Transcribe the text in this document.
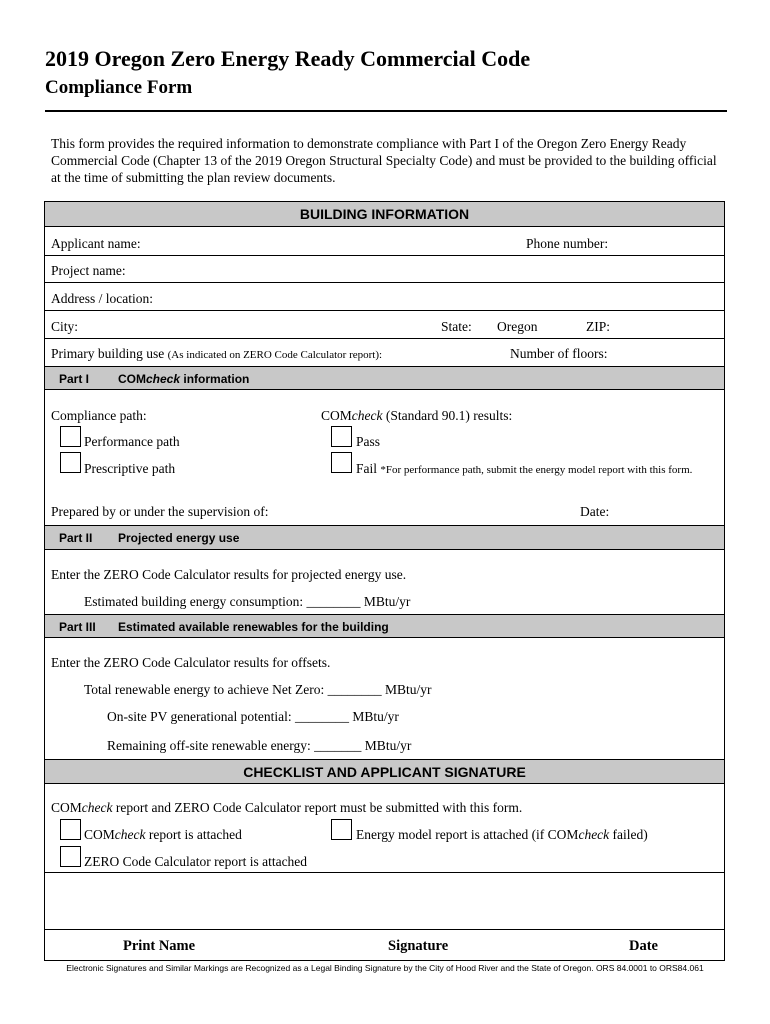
2019 Oregon Zero Energy Ready Commercial Code
Compliance Form
This form provides the required information to demonstrate compliance with Part I of the Oregon Zero Energy Ready Commercial Code (Chapter 13 of the 2019 Oregon Structural Specialty Code) and must be provided to the building official at the time of submitting the plan review documents.
BUILDING INFORMATION
Applicant name:	Phone number:
Project name:
Address / location:
City:	State: Oregon	ZIP:
Primary building use (As indicated on ZERO Code Calculator report):	Number of floors:
Part I COMcheck information
Compliance path:	COMcheck (Standard 90.1) results:
Performance path	Pass
Prescriptive path	Fail *For performance path, submit the energy model report with this form.
Prepared by or under the supervision of:	Date:
Part II Projected energy use
Enter the ZERO Code Calculator results for projected energy use.
Estimated building energy consumption: ________ MBtu/yr
Part III Estimated available renewables for the building
Enter the ZERO Code Calculator results for offsets.
Total renewable energy to achieve Net Zero: ________ MBtu/yr
On-site PV generational potential: ________ MBtu/yr
Remaining off-site renewable energy: _______ MBtu/yr
CHECKLIST AND APPLICANT SIGNATURE
COMcheck report and ZERO Code Calculator report must be submitted with this form.
COMcheck report is attached	Energy model report is attached (if COMcheck failed)
ZERO Code Calculator report is attached
Print Name	Signature	Date
Electronic Signatures and Similar Markings are Recognized as a Legal Binding Signature by the City of Hood River and the State of Oregon. ORS 84.0001 to ORS84.061
